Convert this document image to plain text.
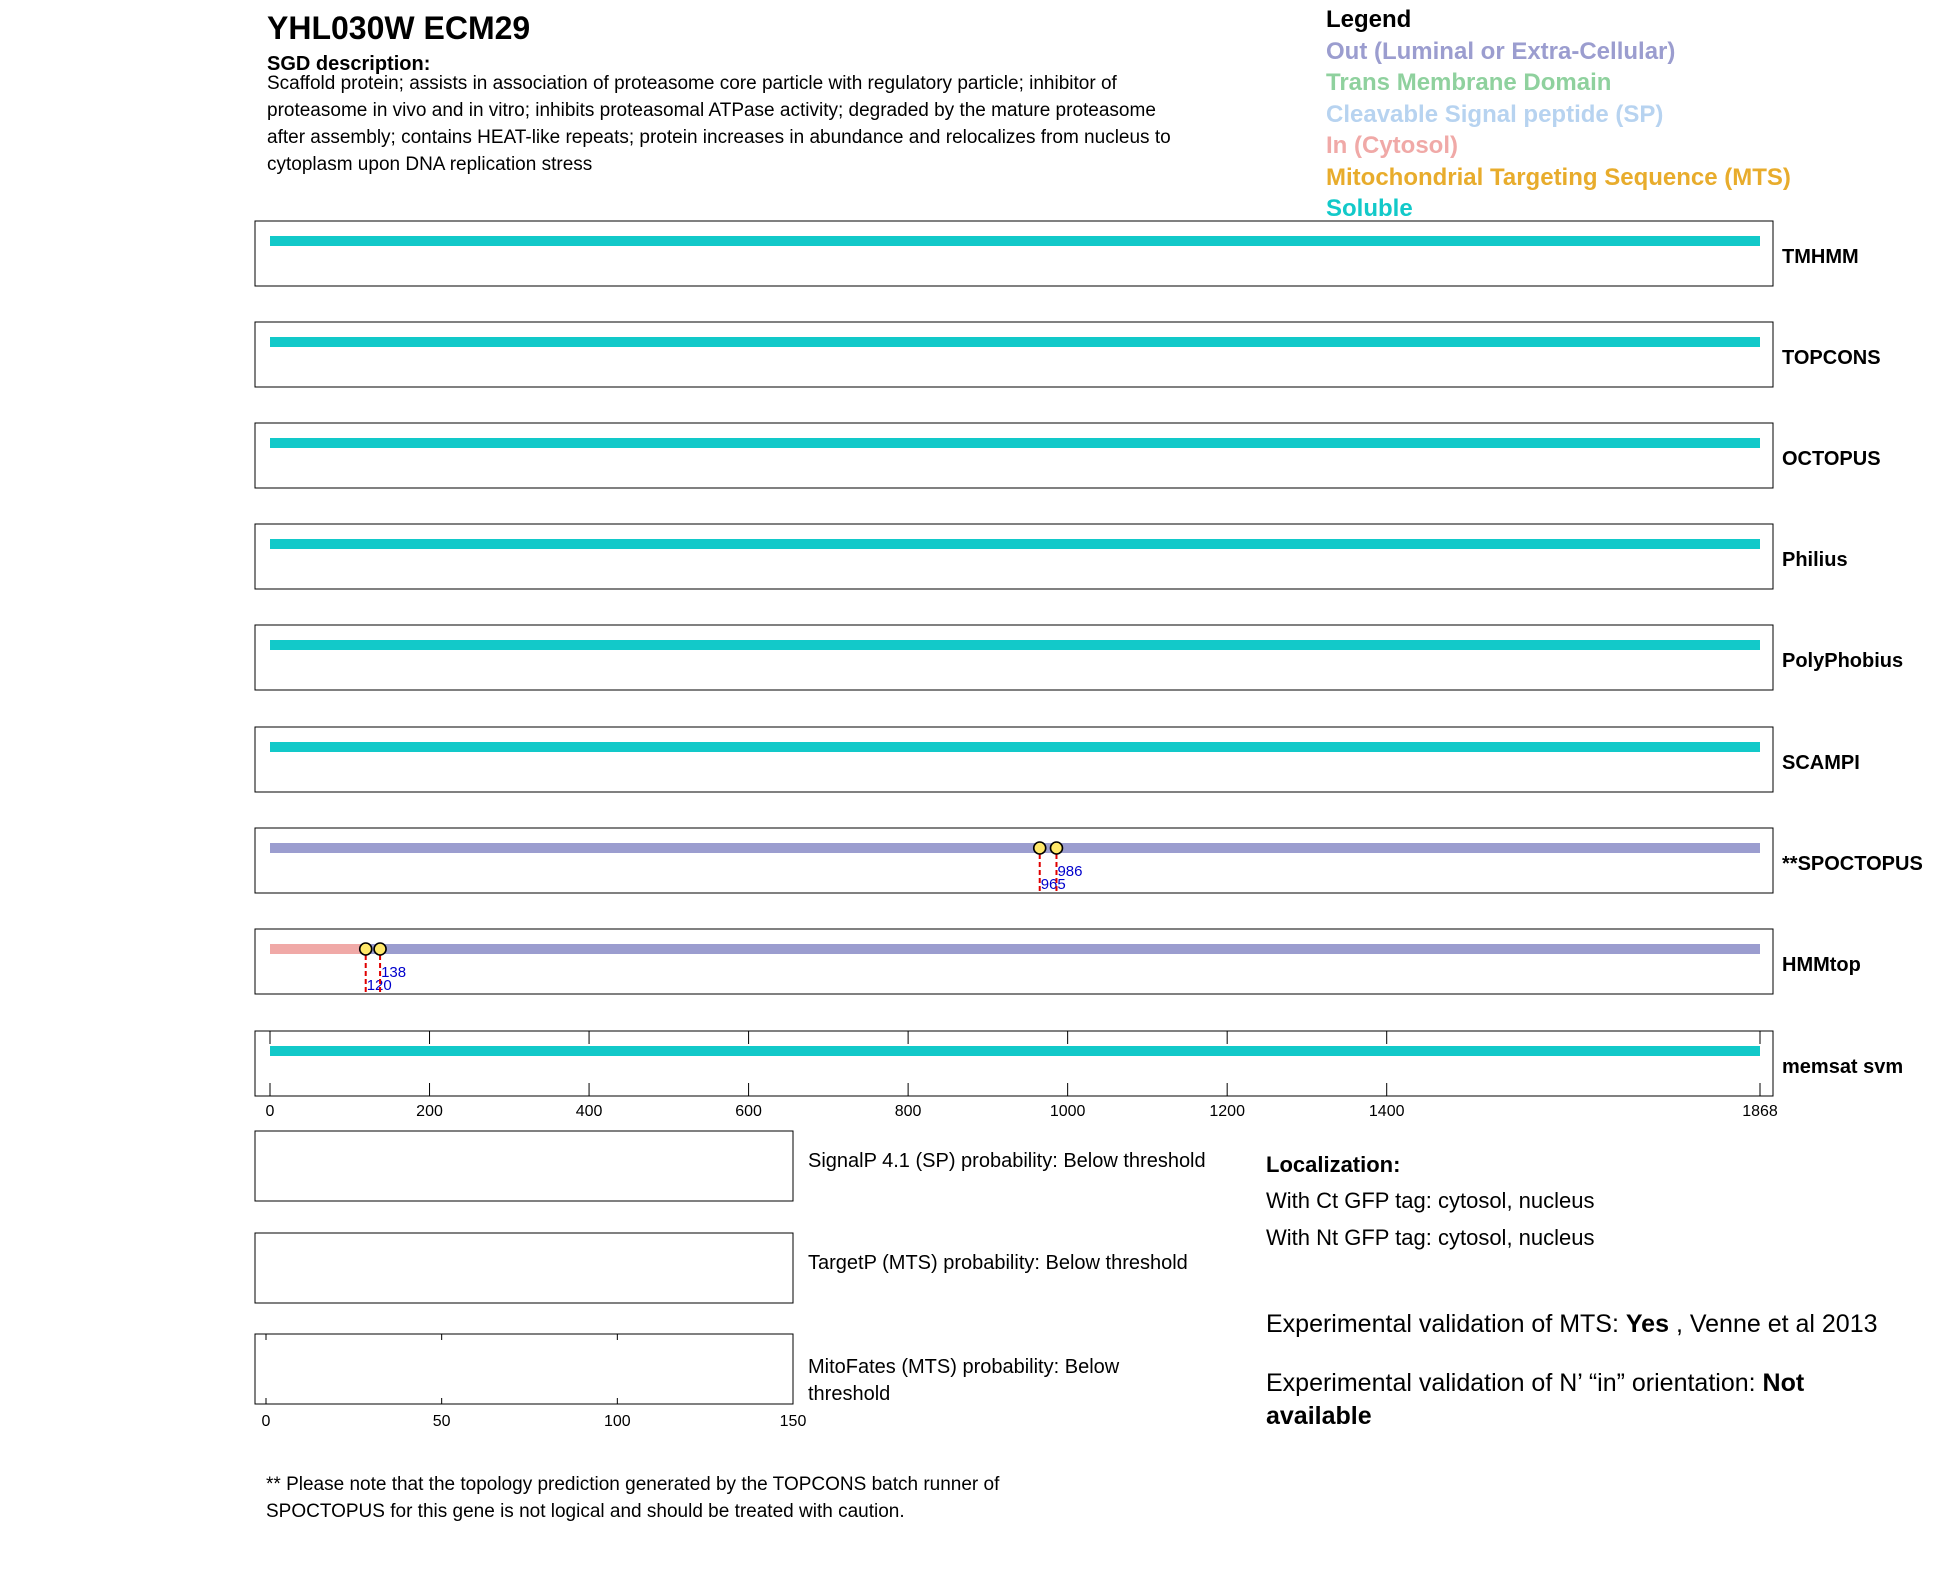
YHL030W ECM29
SGD description:
Scaffold protein; assists in association of proteasome core particle with regulatory particle; inhibitor of
proteasome in vivo and in vitro; inhibits proteasomal ATPase activity; degraded by the mature proteasome
after assembly; contains HEAT-like repeats; protein increases in abundance and relocalizes from nucleus to
cytoplasm upon DNA replication stress
Legend
Out (Luminal or Extra-Cellular)
Trans Membrane Domain
Cleavable Signal peptide (SP)
In (Cytosol)
Mitochondrial Targeting Sequence (MTS)
Soluble
TMHMM
TOPCONS
OCTOPUS
Philius
PolyPhobius
SCAMPI
965
986	**SPOCTOPUS
120
138	HMMtop
memsat svm
0	200	400	600	800	1000	1200	1400	1868
SignalP 4.1 (SP) probability: Below threshold
TargetP (MTS) probability: Below threshold
MitoFates (MTS) probability: Below
threshold
0	50	100	150
Localization:
With Ct GFP tag: cytosol, nucleus
With Nt GFP tag: cytosol, nucleus
Experimental validation of MTS: Yes , Venne et al 2013
Experimental validation of N’ “in” orientation: Not
available
** Please note that the topology prediction generated by the TOPCONS batch runner of
SPOCTOPUS for this gene is not logical and should be treated with caution.
